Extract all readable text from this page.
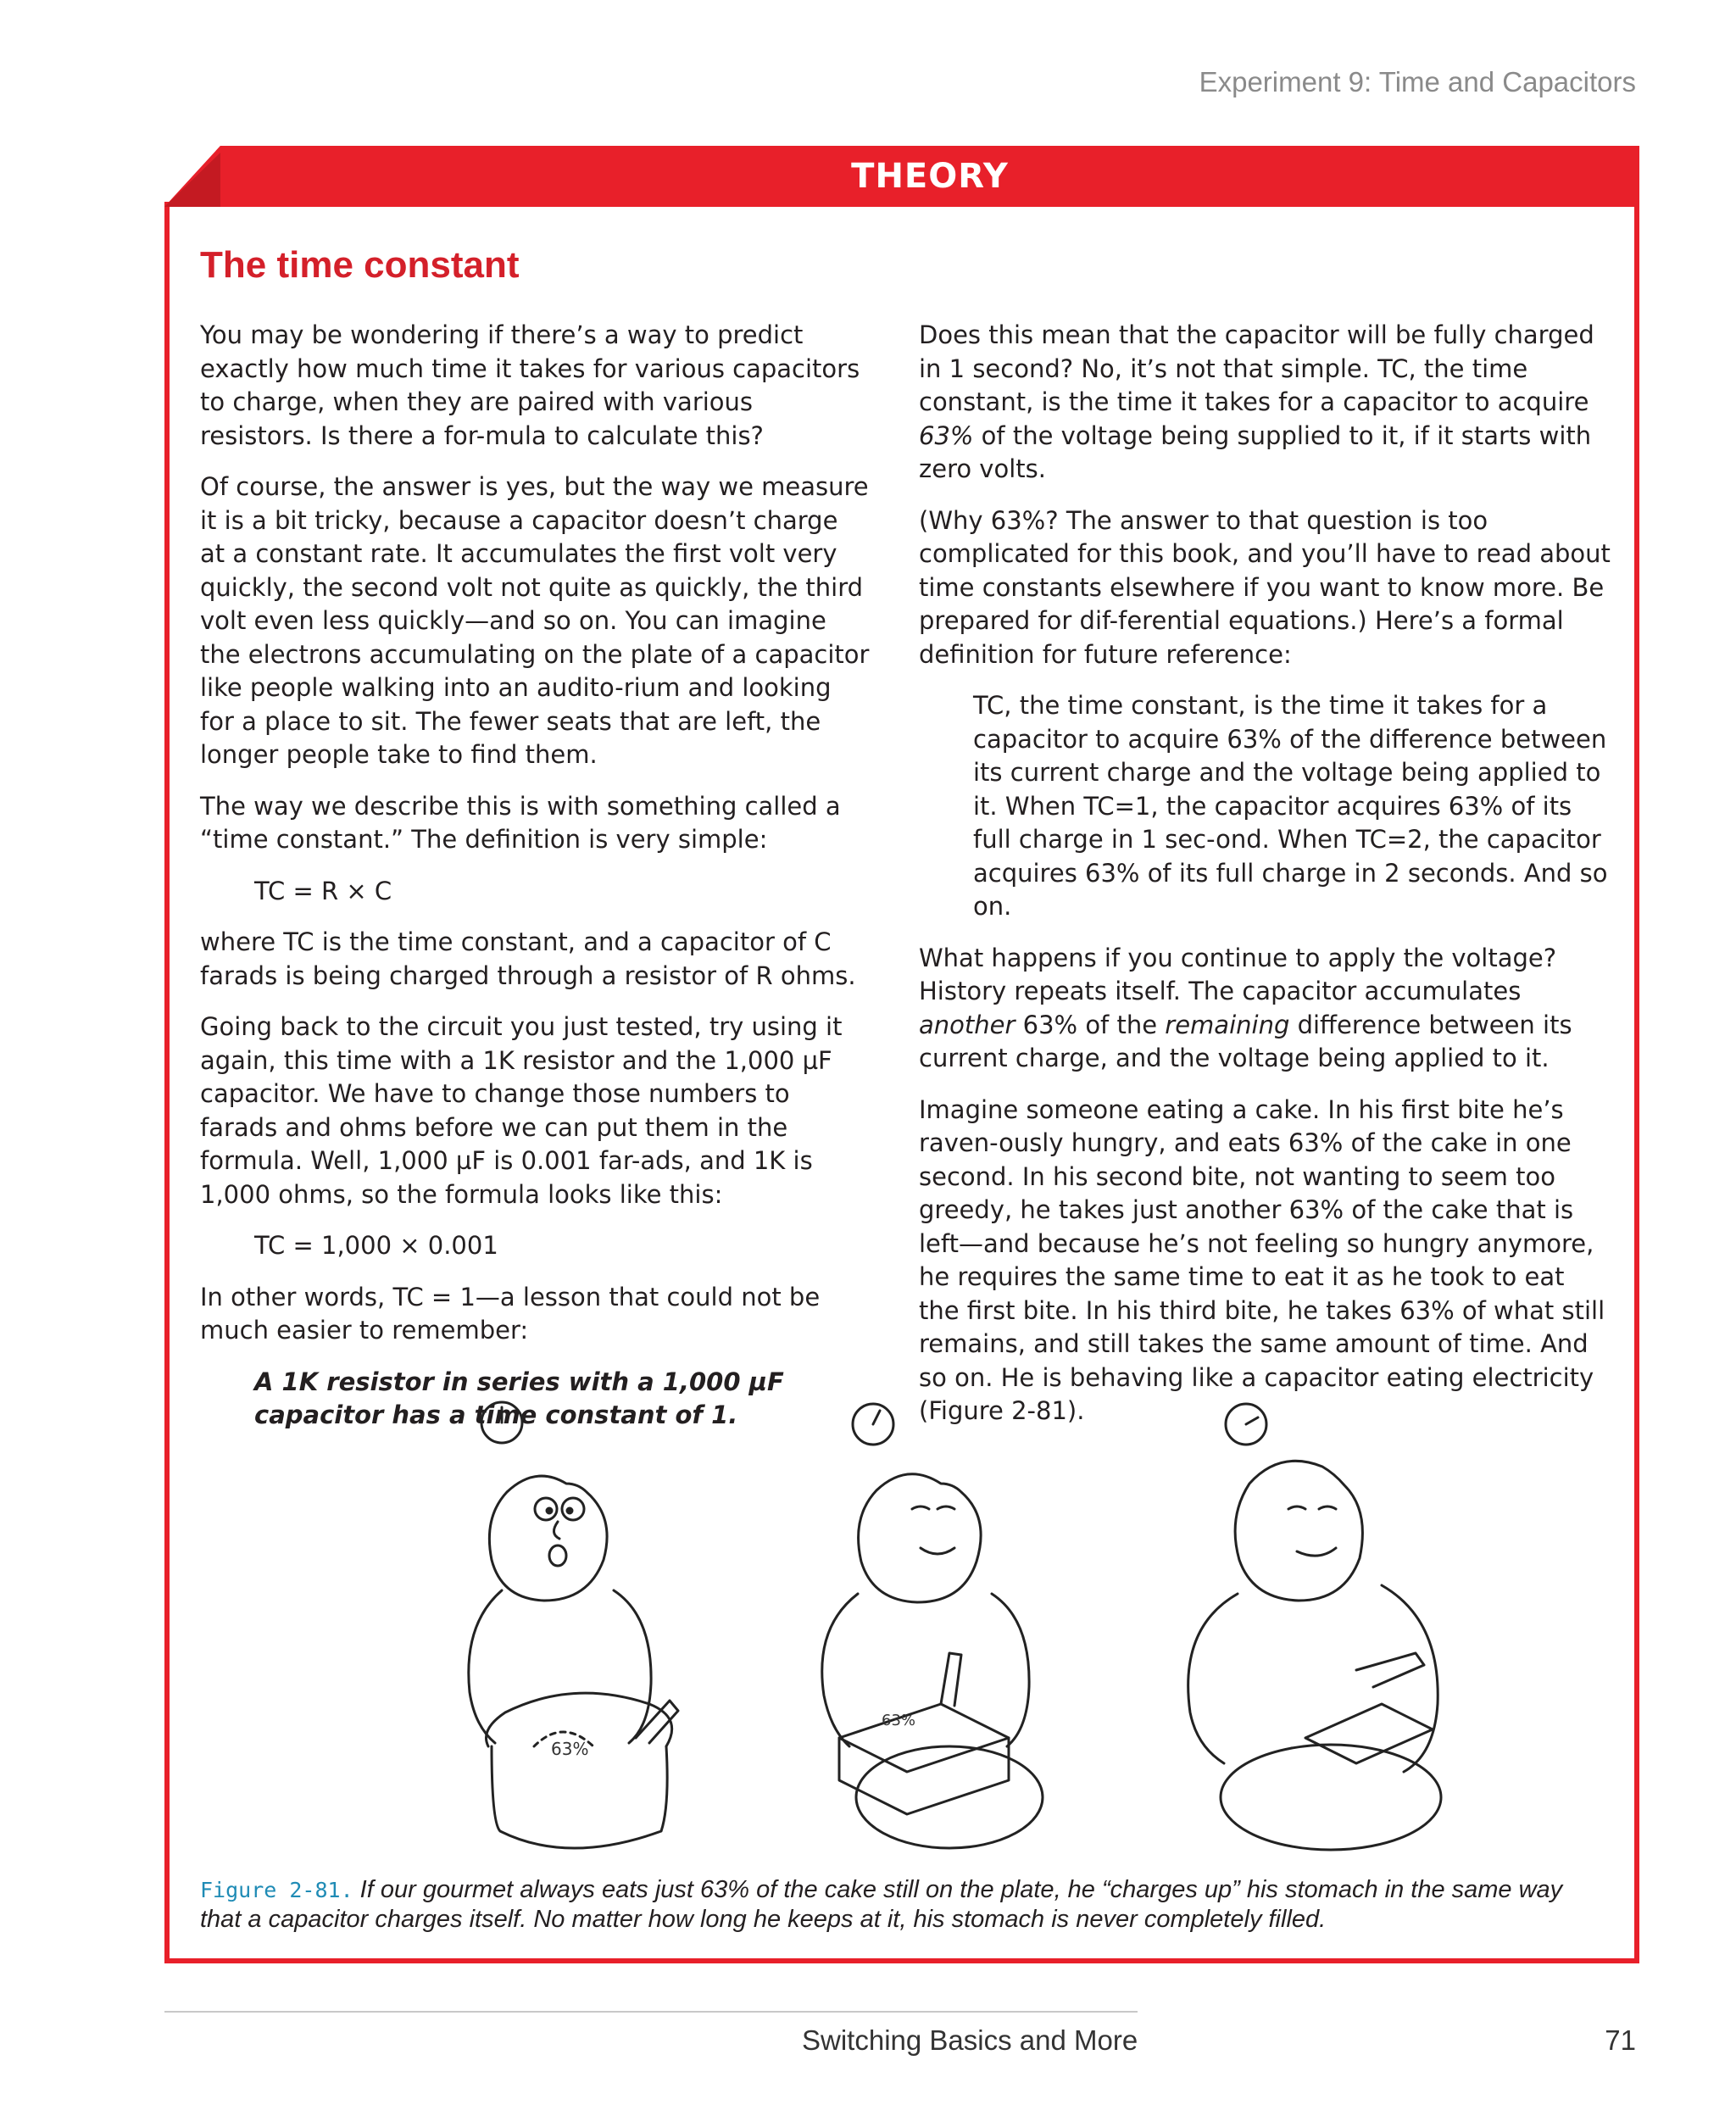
Experiment 9: Time and Capacitors
THEORY
The time constant

You may be wondering if there’s a way to predict exactly how much time it takes for various capacitors to charge, when they are paired with various resistors. Is there a for-mula to calculate this?

Of course, the answer is yes, but the way we measure it is a bit tricky, because a capacitor doesn’t charge at a constant rate. It accumulates the first volt very quickly, the second volt not quite as quickly, the third volt even less quickly—and so on. You can imagine the electrons accumulating on the plate of a capacitor like people walking into an audito-rium and looking for a place to sit. The fewer seats that are left, the longer people take to find them.

The way we describe this is with something called a “time constant.” The definition is very simple:

TC = R × C

where TC is the time constant, and a capacitor of C farads is being charged through a resistor of R ohms.

Going back to the circuit you just tested, try using it again, this time with a 1K resistor and the 1,000 µF capacitor. We have to change those numbers to farads and ohms before we can put them in the formula. Well, 1,000 µF is 0.001 far-ads, and 1K is 1,000 ohms, so the formula looks like this:

TC = 1,000 × 0.001

In other words, TC = 1—a lesson that could not be much easier to remember:

A 1K resistor in series with a 1,000 µF capacitor has a time constant of 1.

Does this mean that the capacitor will be fully charged in 1 second? No, it’s not that simple. TC, the time constant, is the time it takes for a capacitor to acquire 63% of the voltage being supplied to it, if it starts with zero volts.

(Why 63%? The answer to that question is too complicated for this book, and you’ll have to read about time constants elsewhere if you want to know more. Be prepared for dif-ferential equations.) Here’s a formal definition for future reference:

TC, the time constant, is the time it takes for a capacitor to acquire 63% of the difference between its current charge and the voltage being applied to it. When TC=1, the capacitor acquires 63% of its full charge in 1 sec-ond. When TC=2, the capacitor acquires 63% of its full charge in 2 seconds. And so on.

What happens if you continue to apply the voltage? History repeats itself. The capacitor accumulates another 63% of the remaining difference between its current charge, and the voltage being applied to it.

Imagine someone eating a cake. In his first bite he’s raven-ously hungry, and eats 63% of the cake in one second. In his second bite, not wanting to seem too greedy, he takes just another 63% of the cake that is left—and because he’s not feeling so hungry anymore, he requires the same time to eat it as he took to eat the first bite. In his third bite, he takes 63% of what still remains, and still takes the same amount of time. And so on. He is behaving like a capacitor eating electricity (Figure 2-81).

63%
63%
Figure 2-81. If our gourmet always eats just 63% of the cake still on the plate, he “charges up” his stomach in the same way that a capacitor charges itself. No matter how long he keeps at it, his stomach is never completely filled.
Switching Basics and More	71
